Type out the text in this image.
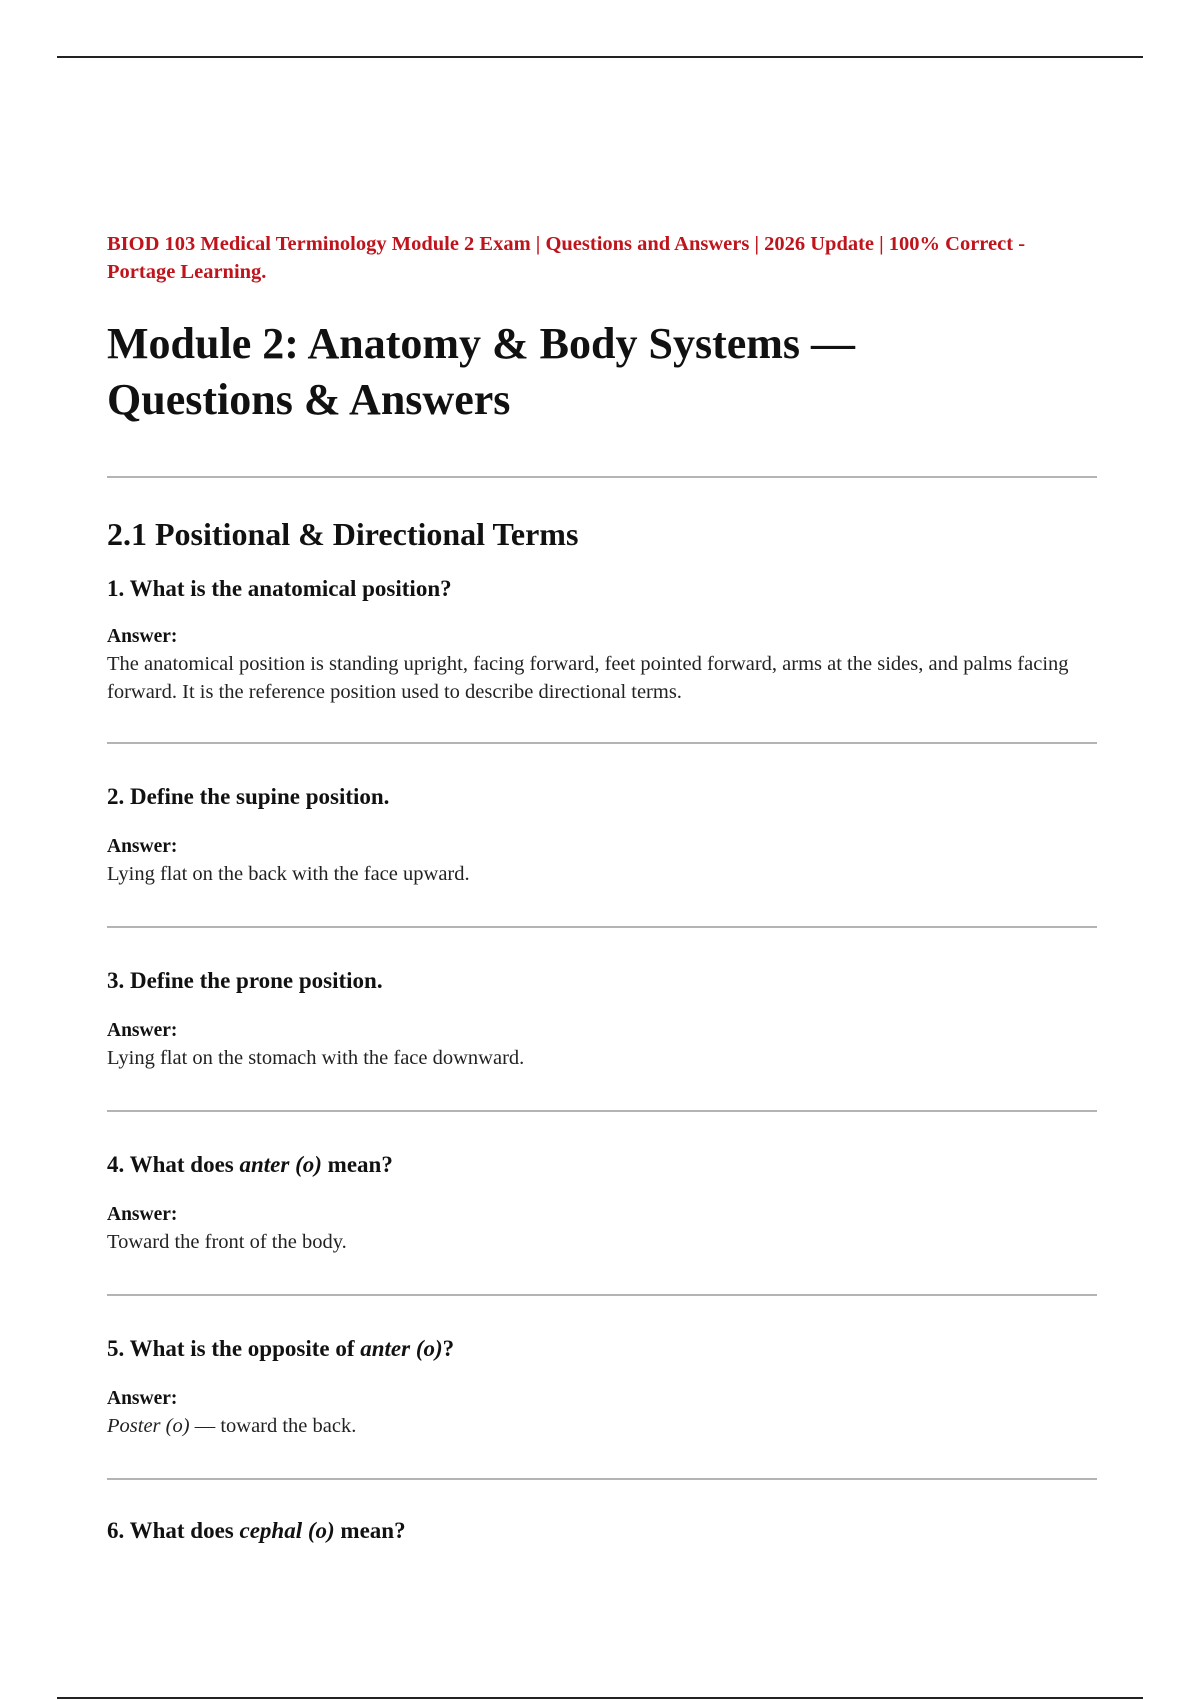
BIOD 103 Medical Terminology Module 2 Exam | Questions and Answers | 2026 Update | 100% Correct - Portage Learning.

Module 2: Anatomy & Body Systems —
Questions & Answers
2.1 Positional & Directional Terms

1. What is the anatomical position?

Answer:

The anatomical position is standing upright, facing forward, feet pointed forward, arms at the sides, and palms facing forward. It is the reference position used to describe directional terms.

2. Define the supine position.

Answer:

Lying flat on the back with the face upward.

3. Define the prone position.

Answer:

Lying flat on the stomach with the face downward.

4. What does anter (o) mean?

Answer:

Toward the front of the body.

5. What is the opposite of anter (o)?

Answer:

Poster (o) — toward the back.

6. What does cephal (o) mean?
